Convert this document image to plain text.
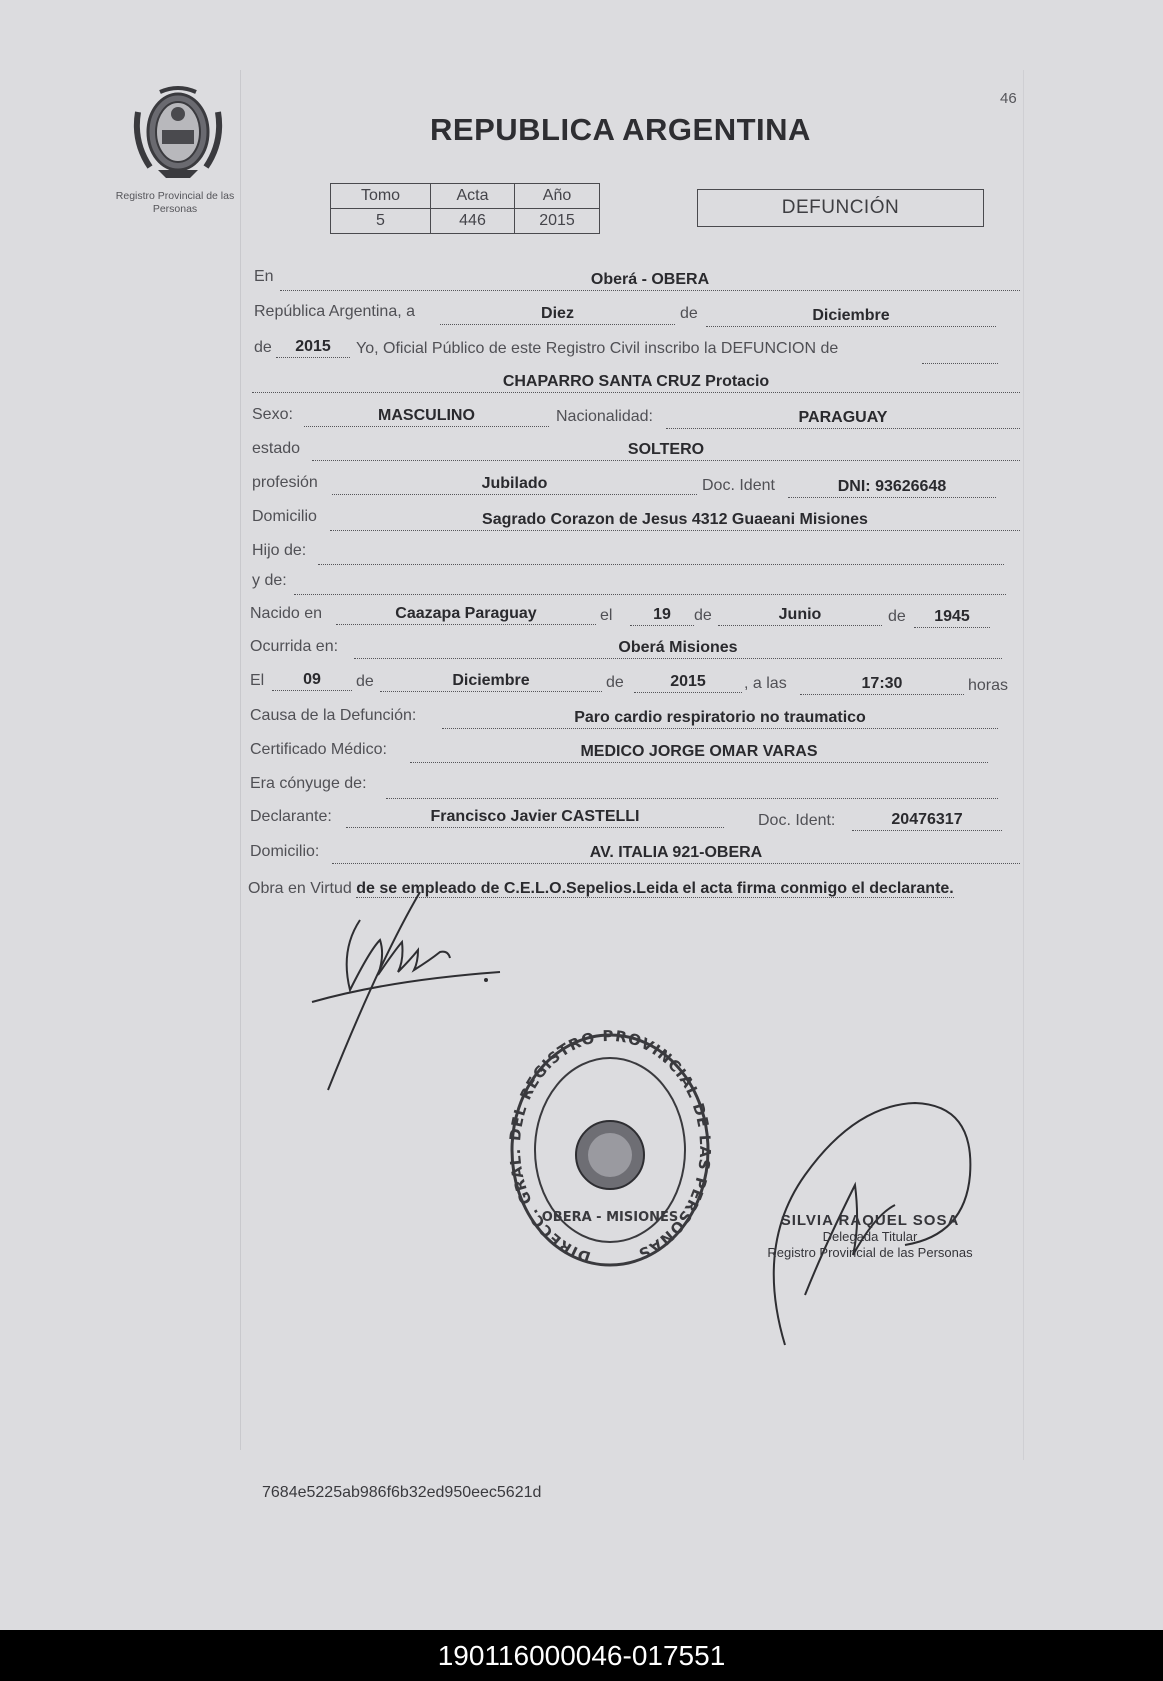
Registro Provincial de las Personas
46
REPUBLICA ARGENTINA
Tomo	Acta	Año
5	446	2015
DEFUNCIÓN
En	Oberá - OBERA
República Argentina, a	Diez	de	Diciembre
de	2015	Yo, Oficial Público de este Registro Civil inscribo la DEFUNCION de
CHAPARRO SANTA CRUZ Protacio
Sexo:	MASCULINO	Nacionalidad:	PARAGUAY
estado	SOLTERO
profesión	Jubilado	Doc. Ident	DNI: 93626648
Domicilio	Sagrado Corazon de Jesus 4312 Guaeani Misiones
Hijo de:
y de:
Nacido en	Caazapa Paraguay	el	19	de	Junio	de	1945
Ocurrida en:	Oberá Misiones
El	09	de	Diciembre	de	2015	, a las	17:30	horas
Causa de la Defunción:	Paro cardio respiratorio no traumatico
Certificado Médico:	MEDICO JORGE OMAR VARAS
Era cónyuge de:
Declarante:	Francisco Javier CASTELLI	Doc. Ident:	20476317
Domicilio:	AV. ITALIA 921-OBERA
Obra en Virtud de se empleado de C.E.L.O.Sepelios.Leida el acta firma conmigo el declarante.
DIRECC. GRAL. DEL REGISTRO PROVINCIAL DE LAS PERSONAS
OBERA - MISIONES	SILVIA RAQUEL SOSA
Delegada Titular
Registro Provincial de las Personas
7684e5225ab986f6b32ed950eec5621d
190116000046-017551
